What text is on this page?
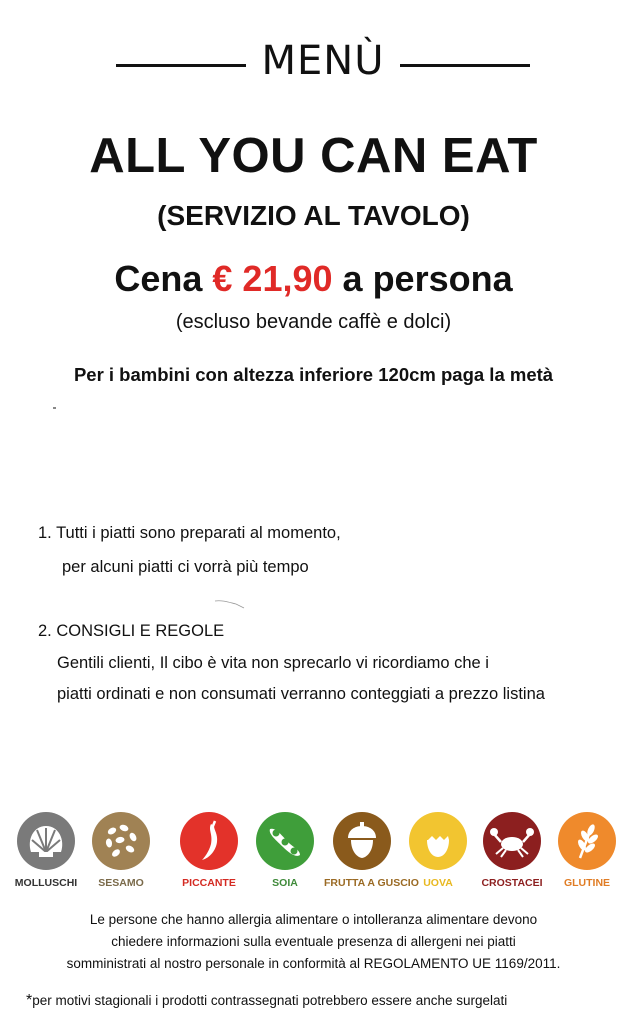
MENÙ
ALL YOU CAN EAT
(SERVIZIO AL TAVOLO)
Cena € 21,90 a persona
(escluso bevande caffè e dolci)
Per i bambini con altezza inferiore 120cm paga la metà
1. Tutti i piatti sono preparati al momento,
per alcuni piatti ci vorrà più tempo
2. CONSIGLI E REGOLE
Gentili clienti, Il cibo è vita non sprecarlo vi ricordiamo che i
piatti ordinati e non consumati verranno conteggiati a prezzo listina
MOLLUSCHI	SESAMO	PICCANTE	SOIA	FRUTTA A GUSCIO UOVA	CROSTACEI	GLUTINE
Le persone che hanno allergia alimentare o intolleranza alimentare devono
chiedere informazioni sulla eventuale presenza di allergeni nei piatti
somministrati al nostro personale in conformità al REGOLAMENTO UE 1169/2011.
*per motivi stagionali i prodotti contrassegnati potrebbero essere anche surgelati
